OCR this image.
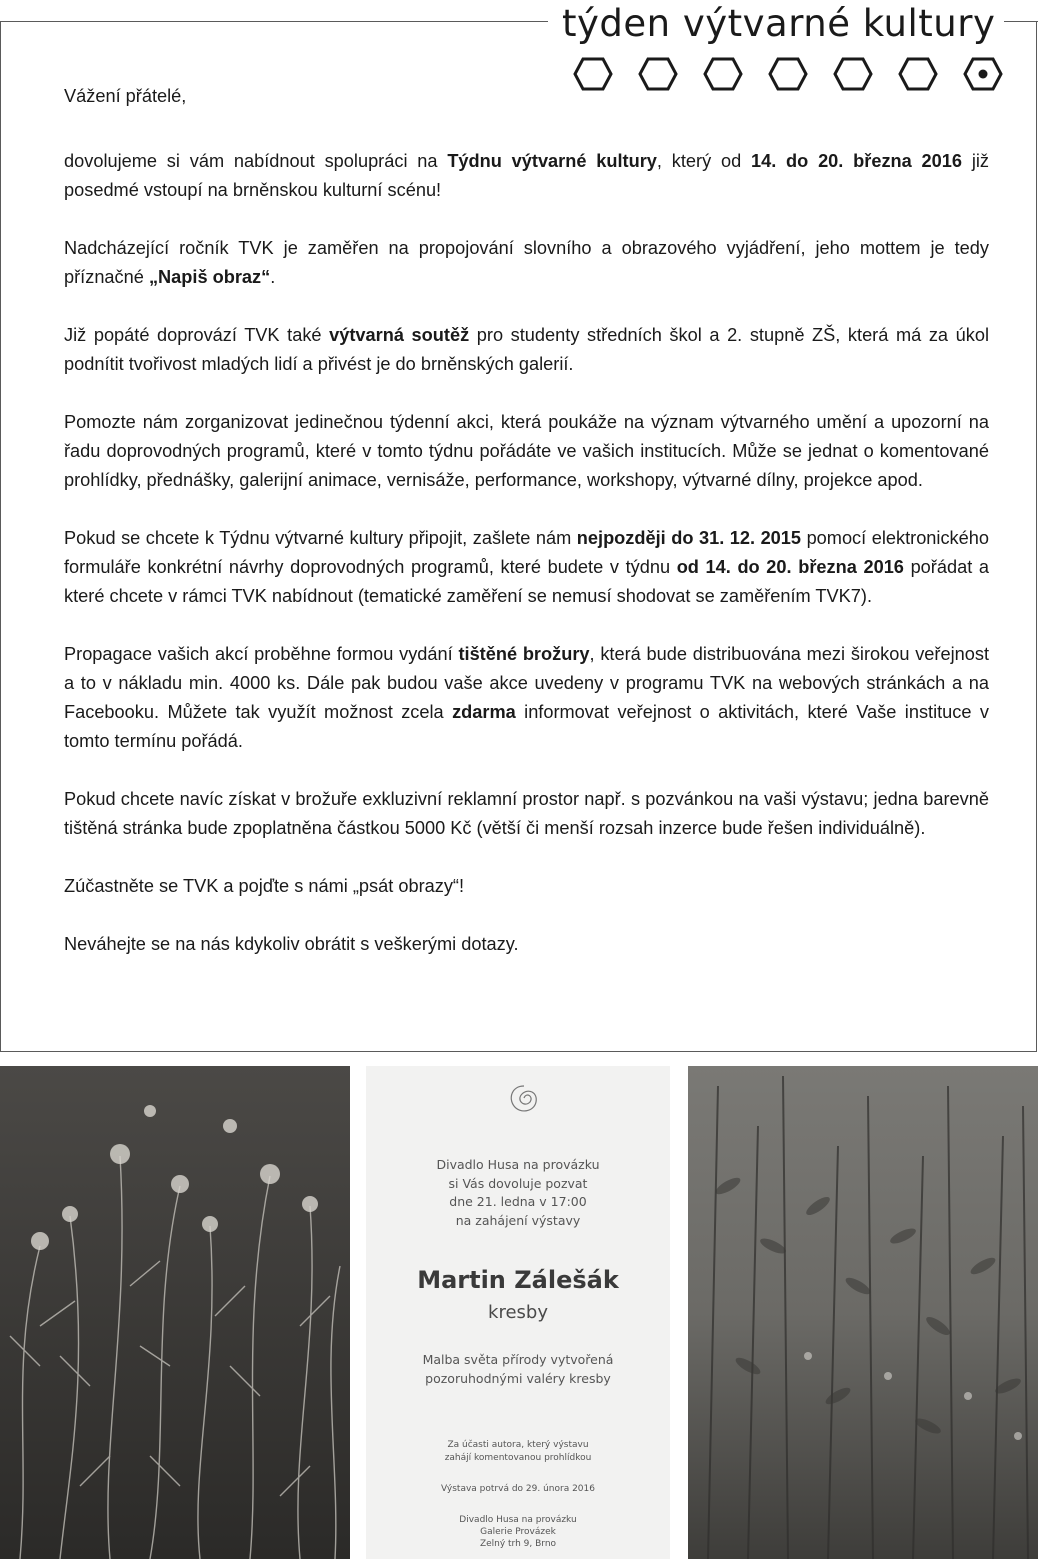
týden výtvarné kultury

Vážení přátelé,

dovolujeme si vám nabídnout spolupráci na Týdnu výtvarné kultury, který od 14. do 20. března 2016 již posedmé vstoupí na brněnskou kulturní scénu!

Nadcházející ročník TVK je zaměřen na propojování slovního a obrazového vyjádření, jeho mottem je tedy příznačné „Napiš obraz“.

Již popáté doprovází TVK také výtvarná soutěž pro studenty středních škol a 2. stupně ZŠ, která má za úkol podnítit tvořivost mladých lidí a přivést je do brněnských galerií.

Pomozte nám zorganizovat jedinečnou týdenní akci, která poukáže na význam výtvarného umění a upozorní na řadu doprovodných programů, které v tomto týdnu pořádáte ve vašich institucích. Může se jednat o komentované prohlídky, přednášky, galerijní animace, vernisáže, performance, workshopy, výtvarné dílny, projekce apod.

Pokud se chcete k Týdnu výtvarné kultury připojit, zašlete nám nejpozději do 31. 12. 2015 pomocí elektronického formuláře konkrétní návrhy doprovodných programů, které budete v týdnu od 14. do 20. března 2016 pořádat a které chcete v rámci TVK nabídnout (tematické zaměření se nemusí shodovat se zaměřením TVK7).

Propagace vašich akcí proběhne formou vydání tištěné brožury, která bude distribuována mezi širokou veřejnost a to v nákladu min. 4000 ks. Dále pak budou vaše akce uvedeny v programu TVK na webových stránkách a na Facebooku. Můžete tak využít možnost zcela zdarma informovat veřejnost o aktivitách, které Vaše instituce v tomto termínu pořádá.

Pokud chcete navíc získat v brožuře exkluzivní reklamní prostor např. s pozvánkou na vaši výstavu; jedna barevně tištěná stránka bude zpoplatněna částkou 5000 Kč (větší či menší rozsah inzerce bude řešen individuálně).

Zúčastněte se TVK a pojďte s námi „psát obrazy“!

Neváhejte se na nás kdykoliv obrátit s veškerými dotazy.

Divadlo Husa na provázku
si Vás dovoluje pozvat
dne 21. ledna v 17:00
na zahájení výstavy
Martin Zálešák
kresby
Malba světa přírody vytvořená
pozoruhodnými valéry kresby
Za účasti autora, který výstavu
zahájí komentovanou prohlídkou
Výstava potrvá do 29. února 2016
Divadlo Husa na provázku
Galerie Provázek
Zelný trh 9, Brno
